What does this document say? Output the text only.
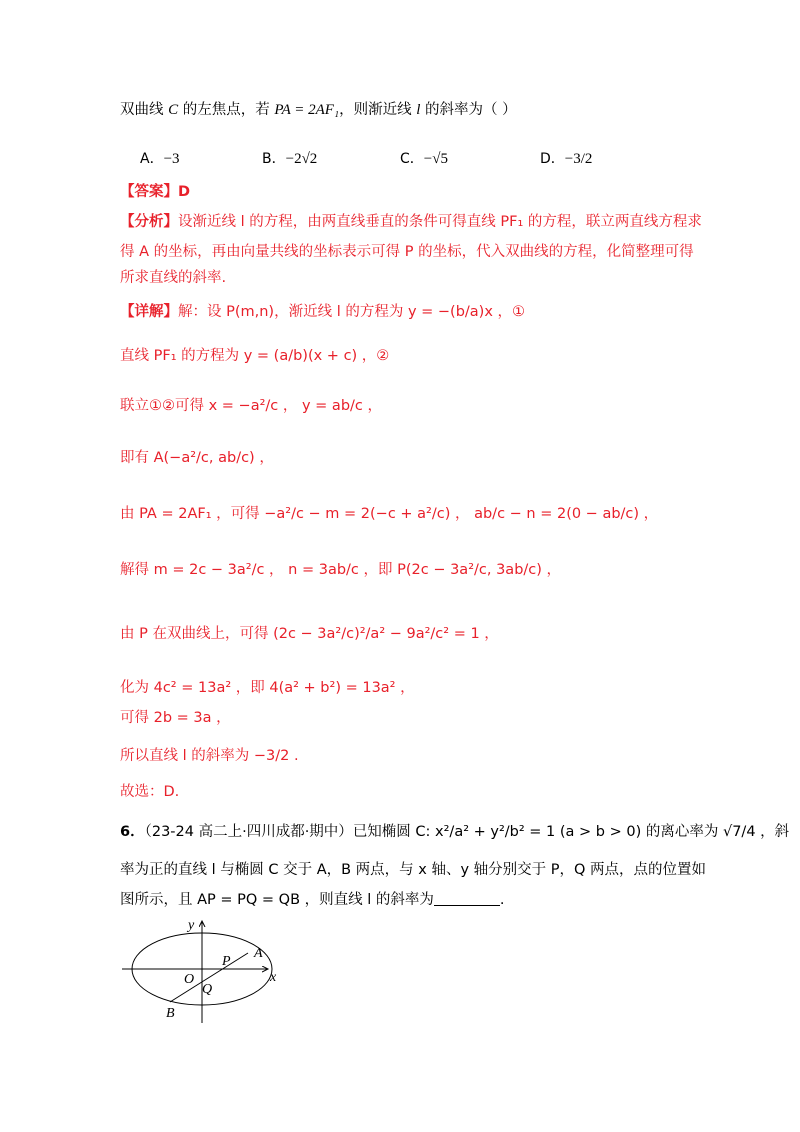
双曲线 C 的左焦点，若 PA = 2AF₁，则渐近线 l 的斜率为（ ）
A．−3	B．−2√2	C．−√5	D．−3/2
【答案】D
【分析】设渐近线 l 的方程，由两直线垂直的条件可得直线 PF₁ 的方程，联立两直线方程求
得 A 的坐标，再由向量共线的坐标表示可得 P 的坐标，代入双曲线的方程，化简整理可得
所求直线的斜率.
【详解】解：设 P(m,n)，渐近线 l 的方程为 y = −(b/a)x ，①
直线 PF₁ 的方程为 y = (a/b)(x + c) ，②
联立①②可得 x = −a²/c ， y = ab/c ，
即有 A(−a²/c, ab/c) ，
由 PA = 2AF₁ ，可得 −a²/c − m = 2(−c + a²/c) ， ab/c − n = 2(0 − ab/c) ，
解得 m = 2c − 3a²/c ， n = 3ab/c ，即 P(2c − 3a²/c, 3ab/c) ，
由 P 在双曲线上，可得 (2c − 3a²/c)²/a² − 9a²/c² = 1 ，
化为 4c² = 13a² ，即 4(a² + b²) = 13a² ，
可得 2b = 3a ，
所以直线 l 的斜率为 −3/2 .
故选：D.
6．（23-24 高二上·四川成都·期中）已知椭圆 C: x²/a² + y²/b² = 1 (a > b > 0) 的离心率为 √7/4 ，斜
率为正的直线 l 与椭圆 C 交于 A，B 两点，与 x 轴、y 轴分别交于 P，Q 两点，点的位置如
图所示，且 AP = PQ = QB ，则直线 l 的斜率为	.
y
x
O
A
B
P
Q
